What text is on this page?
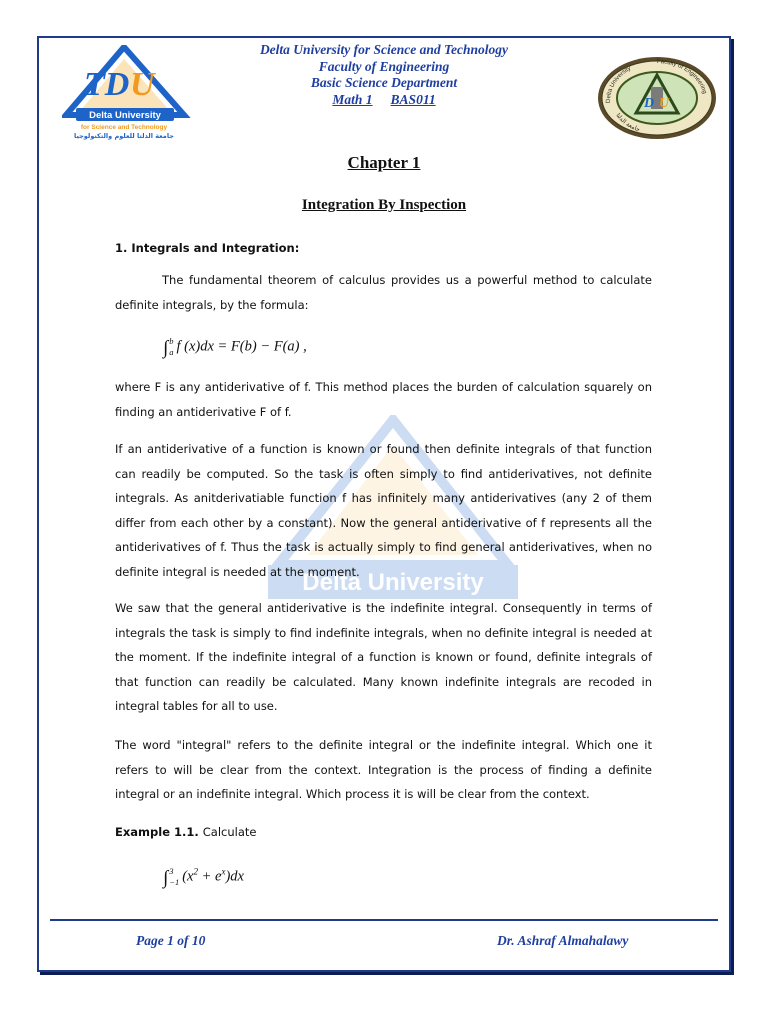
TD U
Delta University
for Science and Technology
جامعة الدلتا للعلوم والتكنولوجيا
D U
Delta University
Faculty of Engineering
جامعة الدلتا
Delta University
Delta University for Science and Technology
Faculty of Engineering
Basic Science Department
Math 1 BAS011
Chapter 1
Integration By Inspection
1. Integrals and Integration:
The fundamental theorem of calculus provides us a powerful method to calculate definite integrals, by the formula:
∫b
a f (x)dx = F(b) − F(a) ,
where F is any antiderivative of f. This method places the burden of calculation squarely on finding an antiderivative F of f.
If an antiderivative of a function is known or found then definite integrals of that function can readily be computed. So the task is often simply to find antiderivatives, not definite integrals. As anitderivatiable function f has infinitely many antiderivatives (any 2 of them differ from each other by a constant). Now the general antiderivative of f represents all the antiderivatives of f. Thus the task is actually simply to find general antiderivatives, when no definite integral is needed at the moment.
We saw that the general antiderivative is the indefinite integral. Consequently in terms of integrals the task is simply to find indefinite integrals, when no definite integral is needed at the moment. If the indefinite integral of a function is known or found, definite integrals of that function can readily be calculated. Many known indefinite integrals are recoded in integral tables for all to use.
The word "integral" refers to the definite integral or the indefinite integral. Which one it refers to will be clear from the context. Integration is the process of finding a definite integral or an indefinite integral. Which process it is will be clear from the context.
Example 1.1. Calculate
∫3
−1 $(x^2 + e^x)dx$
Page 1 of 10	Dr. Ashraf Almahalawy
